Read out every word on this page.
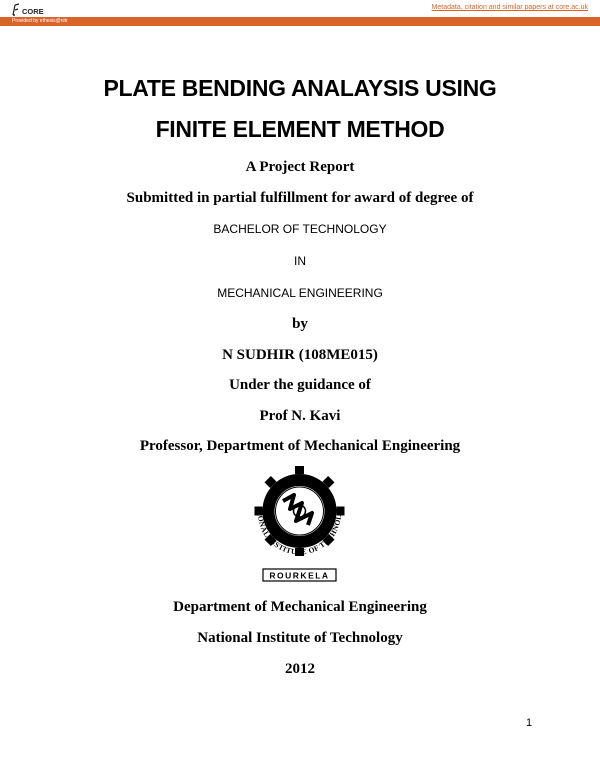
CORE	Metadata, citation and similar papers at core.ac.uk
Provided by ethesis@nitr
PLATE BENDING ANALAYSIS USING
FINITE ELEMENT METHOD
A Project Report
Submitted in partial fulfillment for award of degree of
BACHELOR OF TECHNOLOGY
IN
MECHANICAL ENGINEERING
by
N SUDHIR (108ME015)
Under the guidance of
Prof N. Kavi
Professor, Department of Mechanical Engineering
IONAL INSTITUTE OF TECHNOL
ROURKELA
Department of Mechanical Engineering
National Institute of Technology
2012
1
